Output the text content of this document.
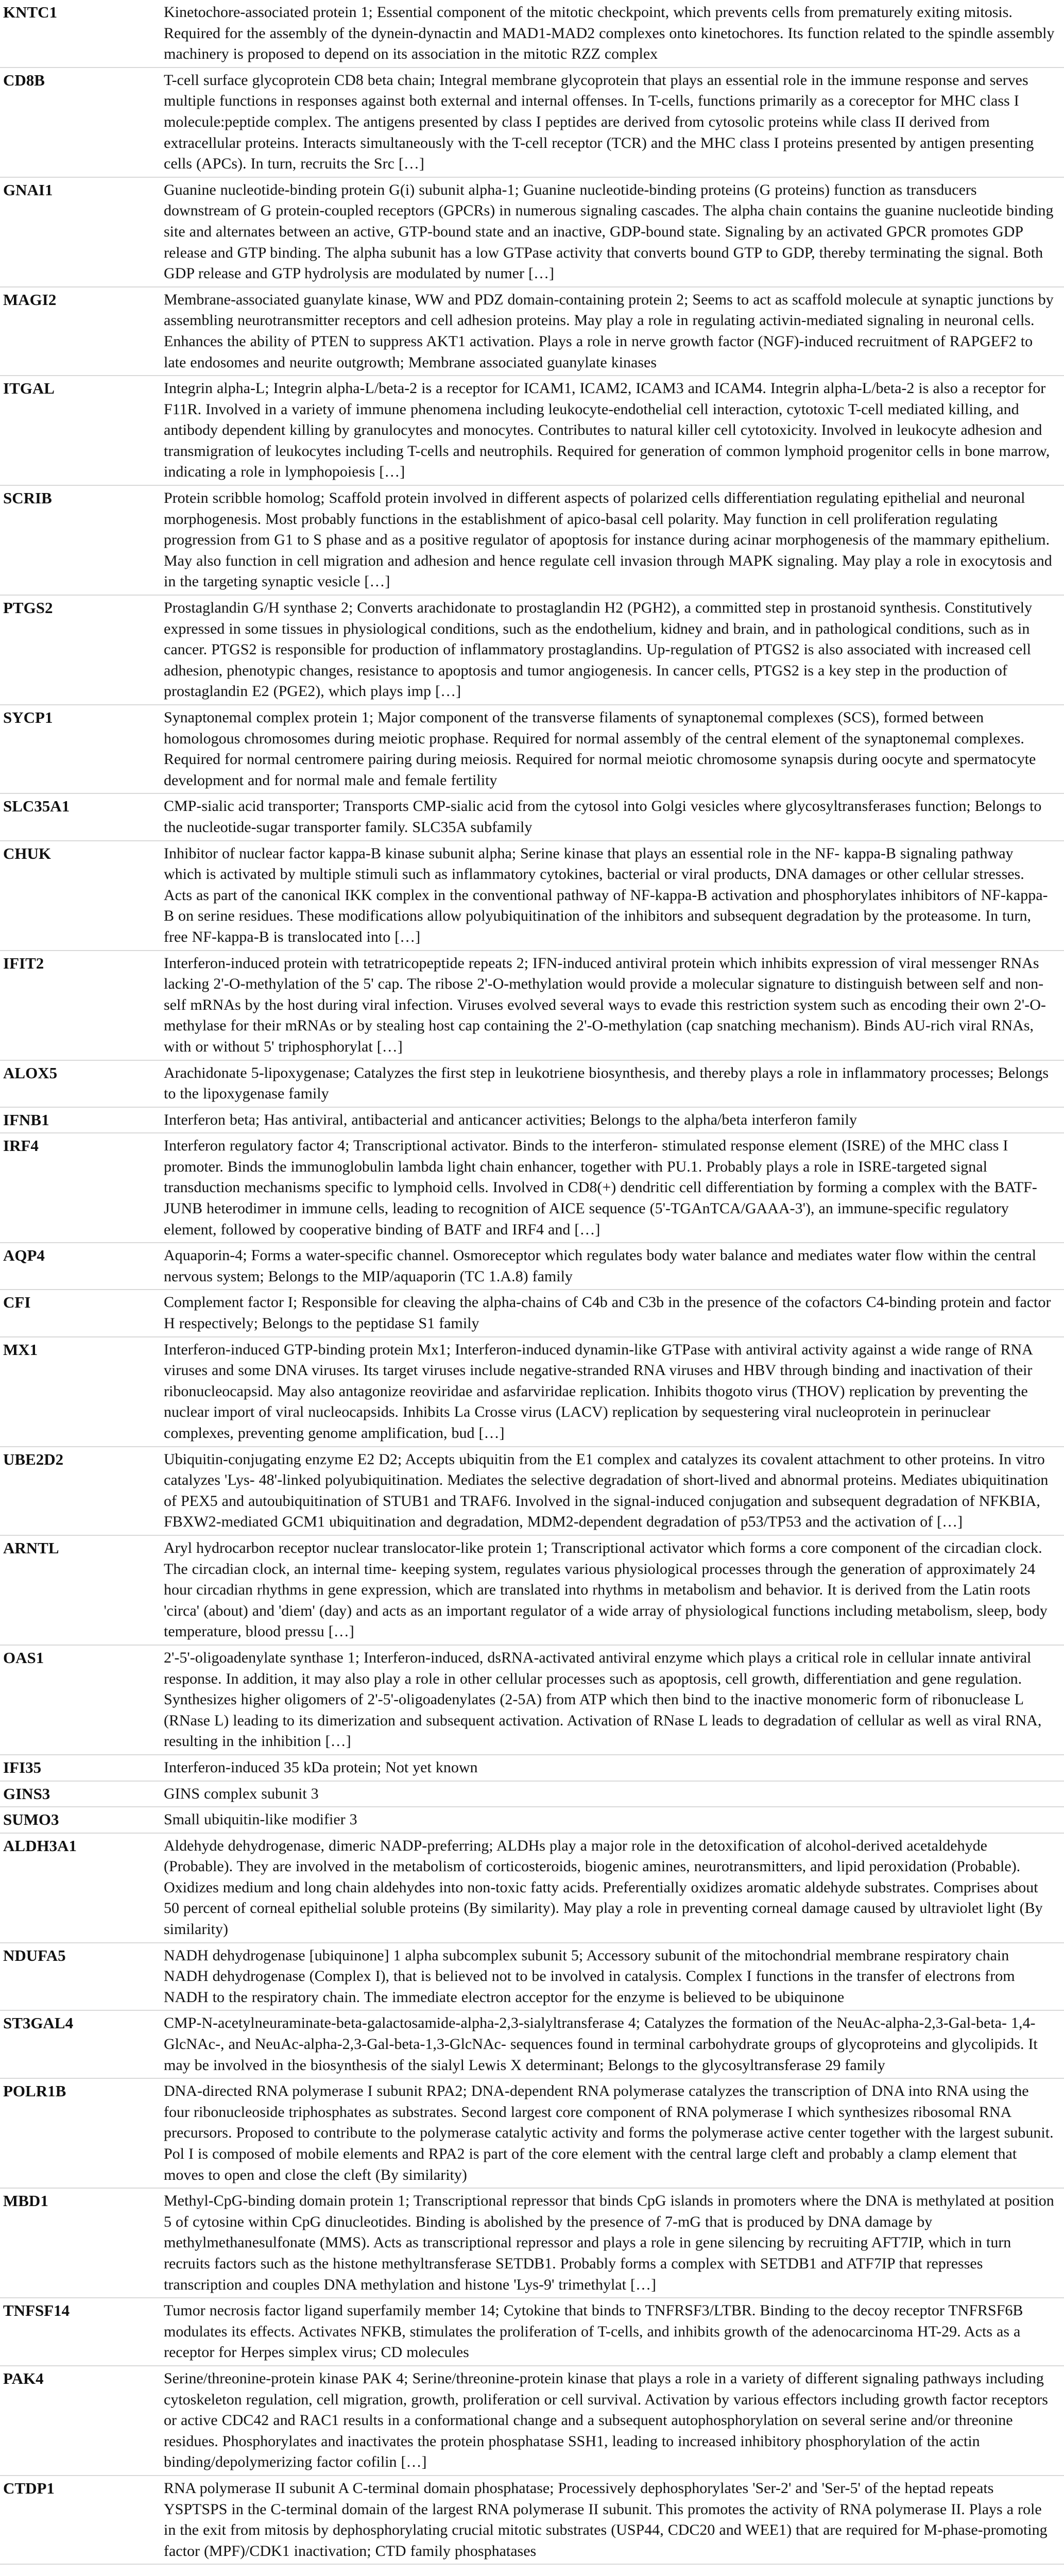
KNTC1	Kinetochore-associated protein 1; Essential component of the mitotic checkpoint, which prevents cells from prematurely exiting mitosis. Required for the assembly of the dynein-dynactin and MAD1-MAD2 complexes onto kinetochores. Its function related to the spindle assembly machinery is proposed to depend on its association in the mitotic RZZ complex
CD8B	T-cell surface glycoprotein CD8 beta chain; Integral membrane glycoprotein that plays an essential role in the immune response and serves multiple functions in responses against both external and internal offenses. In T-cells, functions primarily as a coreceptor for MHC class I molecule:peptide complex. The antigens presented by class I peptides are derived from cytosolic proteins while class II derived from extracellular proteins. Interacts simultaneously with the T-cell receptor (TCR) and the MHC class I proteins presented by antigen presenting cells (APCs). In turn, recruits the Src […]
GNAI1	Guanine nucleotide-binding protein G(i) subunit alpha-1; Guanine nucleotide-binding proteins (G proteins) function as transducers downstream of G protein-coupled receptors (GPCRs) in numerous signaling cascades. The alpha chain contains the guanine nucleotide binding site and alternates between an active, GTP-bound state and an inactive, GDP-bound state. Signaling by an activated GPCR promotes GDP release and GTP binding. The alpha subunit has a low GTPase activity that converts bound GTP to GDP, thereby terminating the signal. Both GDP release and GTP hydrolysis are modulated by numer […]
MAGI2	Membrane-associated guanylate kinase, WW and PDZ domain-containing protein 2; Seems to act as scaffold molecule at synaptic junctions by assembling neurotransmitter receptors and cell adhesion proteins. May play a role in regulating activin-mediated signaling in neuronal cells. Enhances the ability of PTEN to suppress AKT1 activation. Plays a role in nerve growth factor (NGF)-induced recruitment of RAPGEF2 to late endosomes and neurite outgrowth; Membrane associated guanylate kinases
ITGAL	Integrin alpha-L; Integrin alpha-L/beta-2 is a receptor for ICAM1, ICAM2, ICAM3 and ICAM4. Integrin alpha-L/beta-2 is also a receptor for F11R. Involved in a variety of immune phenomena including leukocyte-endothelial cell interaction, cytotoxic T-cell mediated killing, and antibody dependent killing by granulocytes and monocytes. Contributes to natural killer cell cytotoxicity. Involved in leukocyte adhesion and transmigration of leukocytes including T-cells and neutrophils. Required for generation of common lymphoid progenitor cells in bone marrow, indicating a role in lymphopoiesis […]
SCRIB	Protein scribble homolog; Scaffold protein involved in different aspects of polarized cells differentiation regulating epithelial and neuronal morphogenesis. Most probably functions in the establishment of apico-basal cell polarity. May function in cell proliferation regulating progression from G1 to S phase and as a positive regulator of apoptosis for instance during acinar morphogenesis of the mammary epithelium. May also function in cell migration and adhesion and hence regulate cell invasion through MAPK signaling. May play a role in exocytosis and in the targeting synaptic vesicle […]
PTGS2	Prostaglandin G/H synthase 2; Converts arachidonate to prostaglandin H2 (PGH2), a committed step in prostanoid synthesis. Constitutively expressed in some tissues in physiological conditions, such as the endothelium, kidney and brain, and in pathological conditions, such as in cancer. PTGS2 is responsible for production of inflammatory prostaglandins. Up-regulation of PTGS2 is also associated with increased cell adhesion, phenotypic changes, resistance to apoptosis and tumor angiogenesis. In cancer cells, PTGS2 is a key step in the production of prostaglandin E2 (PGE2), which plays imp […]
SYCP1	Synaptonemal complex protein 1; Major component of the transverse filaments of synaptonemal complexes (SCS), formed between homologous chromosomes during meiotic prophase. Required for normal assembly of the central element of the synaptonemal complexes. Required for normal centromere pairing during meiosis. Required for normal meiotic chromosome synapsis during oocyte and spermatocyte development and for normal male and female fertility
SLC35A1	CMP-sialic acid transporter; Transports CMP-sialic acid from the cytosol into Golgi vesicles where glycosyltransferases function; Belongs to the nucleotide-sugar transporter family. SLC35A subfamily
CHUK	Inhibitor of nuclear factor kappa-B kinase subunit alpha; Serine kinase that plays an essential role in the NF- kappa-B signaling pathway which is activated by multiple stimuli such as inflammatory cytokines, bacterial or viral products, DNA damages or other cellular stresses. Acts as part of the canonical IKK complex in the conventional pathway of NF-kappa-B activation and phosphorylates inhibitors of NF-kappa-B on serine residues. These modifications allow polyubiquitination of the inhibitors and subsequent degradation by the proteasome. In turn, free NF-kappa-B is translocated into […]
IFIT2	Interferon-induced protein with tetratricopeptide repeats 2; IFN-induced antiviral protein which inhibits expression of viral messenger RNAs lacking 2'-O-methylation of the 5' cap. The ribose 2'-O-methylation would provide a molecular signature to distinguish between self and non-self mRNAs by the host during viral infection. Viruses evolved several ways to evade this restriction system such as encoding their own 2'-O-methylase for their mRNAs or by stealing host cap containing the 2'-O-methylation (cap snatching mechanism). Binds AU-rich viral RNAs, with or without 5' triphosphorylat […]
ALOX5	Arachidonate 5-lipoxygenase; Catalyzes the first step in leukotriene biosynthesis, and thereby plays a role in inflammatory processes; Belongs to the lipoxygenase family
IFNB1	Interferon beta; Has antiviral, antibacterial and anticancer activities; Belongs to the alpha/beta interferon family
IRF4	Interferon regulatory factor 4; Transcriptional activator. Binds to the interferon- stimulated response element (ISRE) of the MHC class I promoter. Binds the immunoglobulin lambda light chain enhancer, together with PU.1. Probably plays a role in ISRE-targeted signal transduction mechanisms specific to lymphoid cells. Involved in CD8(+) dendritic cell differentiation by forming a complex with the BATF-JUNB heterodimer in immune cells, leading to recognition of AICE sequence (5'-TGAnTCA/GAAA-3'), an immune-specific regulatory element, followed by cooperative binding of BATF and IRF4 and […]
AQP4	Aquaporin-4; Forms a water-specific channel. Osmoreceptor which regulates body water balance and mediates water flow within the central nervous system; Belongs to the MIP/aquaporin (TC 1.A.8) family
CFI	Complement factor I; Responsible for cleaving the alpha-chains of C4b and C3b in the presence of the cofactors C4-binding protein and factor H respectively; Belongs to the peptidase S1 family
MX1	Interferon-induced GTP-binding protein Mx1; Interferon-induced dynamin-like GTPase with antiviral activity against a wide range of RNA viruses and some DNA viruses. Its target viruses include negative-stranded RNA viruses and HBV through binding and inactivation of their ribonucleocapsid. May also antagonize reoviridae and asfarviridae replication. Inhibits thogoto virus (THOV) replication by preventing the nuclear import of viral nucleocapsids. Inhibits La Crosse virus (LACV) replication by sequestering viral nucleoprotein in perinuclear complexes, preventing genome amplification, bud […]
UBE2D2	Ubiquitin-conjugating enzyme E2 D2; Accepts ubiquitin from the E1 complex and catalyzes its covalent attachment to other proteins. In vitro catalyzes 'Lys- 48'-linked polyubiquitination. Mediates the selective degradation of short-lived and abnormal proteins. Mediates ubiquitination of PEX5 and autoubiquitination of STUB1 and TRAF6. Involved in the signal-induced conjugation and subsequent degradation of NFKBIA, FBXW2-mediated GCM1 ubiquitination and degradation, MDM2-dependent degradation of p53/TP53 and the activation of […]
ARNTL	Aryl hydrocarbon receptor nuclear translocator-like protein 1; Transcriptional activator which forms a core component of the circadian clock. The circadian clock, an internal time- keeping system, regulates various physiological processes through the generation of approximately 24 hour circadian rhythms in gene expression, which are translated into rhythms in metabolism and behavior. It is derived from the Latin roots 'circa' (about) and 'diem' (day) and acts as an important regulator of a wide array of physiological functions including metabolism, sleep, body temperature, blood pressu […]
OAS1	2'-5'-oligoadenylate synthase 1; Interferon-induced, dsRNA-activated antiviral enzyme which plays a critical role in cellular innate antiviral response. In addition, it may also play a role in other cellular processes such as apoptosis, cell growth, differentiation and gene regulation. Synthesizes higher oligomers of 2'-5'-oligoadenylates (2-5A) from ATP which then bind to the inactive monomeric form of ribonuclease L (RNase L) leading to its dimerization and subsequent activation. Activation of RNase L leads to degradation of cellular as well as viral RNA, resulting in the inhibition […]
IFI35	Interferon-induced 35 kDa protein; Not yet known
GINS3	GINS complex subunit 3
SUMO3	Small ubiquitin-like modifier 3
ALDH3A1	Aldehyde dehydrogenase, dimeric NADP-preferring; ALDHs play a major role in the detoxification of alcohol-derived acetaldehyde (Probable). They are involved in the metabolism of corticosteroids, biogenic amines, neurotransmitters, and lipid peroxidation (Probable). Oxidizes medium and long chain aldehydes into non-toxic fatty acids. Preferentially oxidizes aromatic aldehyde substrates. Comprises about 50 percent of corneal epithelial soluble proteins (By similarity). May play a role in preventing corneal damage caused by ultraviolet light (By similarity)
NDUFA5	NADH dehydrogenase [ubiquinone] 1 alpha subcomplex subunit 5; Accessory subunit of the mitochondrial membrane respiratory chain NADH dehydrogenase (Complex I), that is believed not to be involved in catalysis. Complex I functions in the transfer of electrons from NADH to the respiratory chain. The immediate electron acceptor for the enzyme is believed to be ubiquinone
ST3GAL4	CMP-N-acetylneuraminate-beta-galactosamide-alpha-2,3-sialyltransferase 4; Catalyzes the formation of the NeuAc-alpha-2,3-Gal-beta- 1,4-GlcNAc-, and NeuAc-alpha-2,3-Gal-beta-1,3-GlcNAc- sequences found in terminal carbohydrate groups of glycoproteins and glycolipids. It may be involved in the biosynthesis of the sialyl Lewis X determinant; Belongs to the glycosyltransferase 29 family
POLR1B	DNA-directed RNA polymerase I subunit RPA2; DNA-dependent RNA polymerase catalyzes the transcription of DNA into RNA using the four ribonucleoside triphosphates as substrates. Second largest core component of RNA polymerase I which synthesizes ribosomal RNA precursors. Proposed to contribute to the polymerase catalytic activity and forms the polymerase active center together with the largest subunit. Pol I is composed of mobile elements and RPA2 is part of the core element with the central large cleft and probably a clamp element that moves to open and close the cleft (By similarity)
MBD1	Methyl-CpG-binding domain protein 1; Transcriptional repressor that binds CpG islands in promoters where the DNA is methylated at position 5 of cytosine within CpG dinucleotides. Binding is abolished by the presence of 7-mG that is produced by DNA damage by methylmethanesulfonate (MMS). Acts as transcriptional repressor and plays a role in gene silencing by recruiting AFT7IP, which in turn recruits factors such as the histone methyltransferase SETDB1. Probably forms a complex with SETDB1 and ATF7IP that represses transcription and couples DNA methylation and histone 'Lys-9' trimethylat […]
TNFSF14	Tumor necrosis factor ligand superfamily member 14; Cytokine that binds to TNFRSF3/LTBR. Binding to the decoy receptor TNFRSF6B modulates its effects. Activates NFKB, stimulates the proliferation of T-cells, and inhibits growth of the adenocarcinoma HT-29. Acts as a receptor for Herpes simplex virus; CD molecules
PAK4	Serine/threonine-protein kinase PAK 4; Serine/threonine-protein kinase that plays a role in a variety of different signaling pathways including cytoskeleton regulation, cell migration, growth, proliferation or cell survival. Activation by various effectors including growth factor receptors or active CDC42 and RAC1 results in a conformational change and a subsequent autophosphorylation on several serine and/or threonine residues. Phosphorylates and inactivates the protein phosphatase SSH1, leading to increased inhibitory phosphorylation of the actin binding/depolymerizing factor cofilin […]
CTDP1	RNA polymerase II subunit A C-terminal domain phosphatase; Processively dephosphorylates 'Ser-2' and 'Ser-5' of the heptad repeats YSPTSPS in the C-terminal domain of the largest RNA polymerase II subunit. This promotes the activity of RNA polymerase II. Plays a role in the exit from mitosis by dephosphorylating crucial mitotic substrates (USP44, CDC20 and WEE1) that are required for M-phase-promoting factor (MPF)/CDK1 inactivation; CTD family phosphatases
